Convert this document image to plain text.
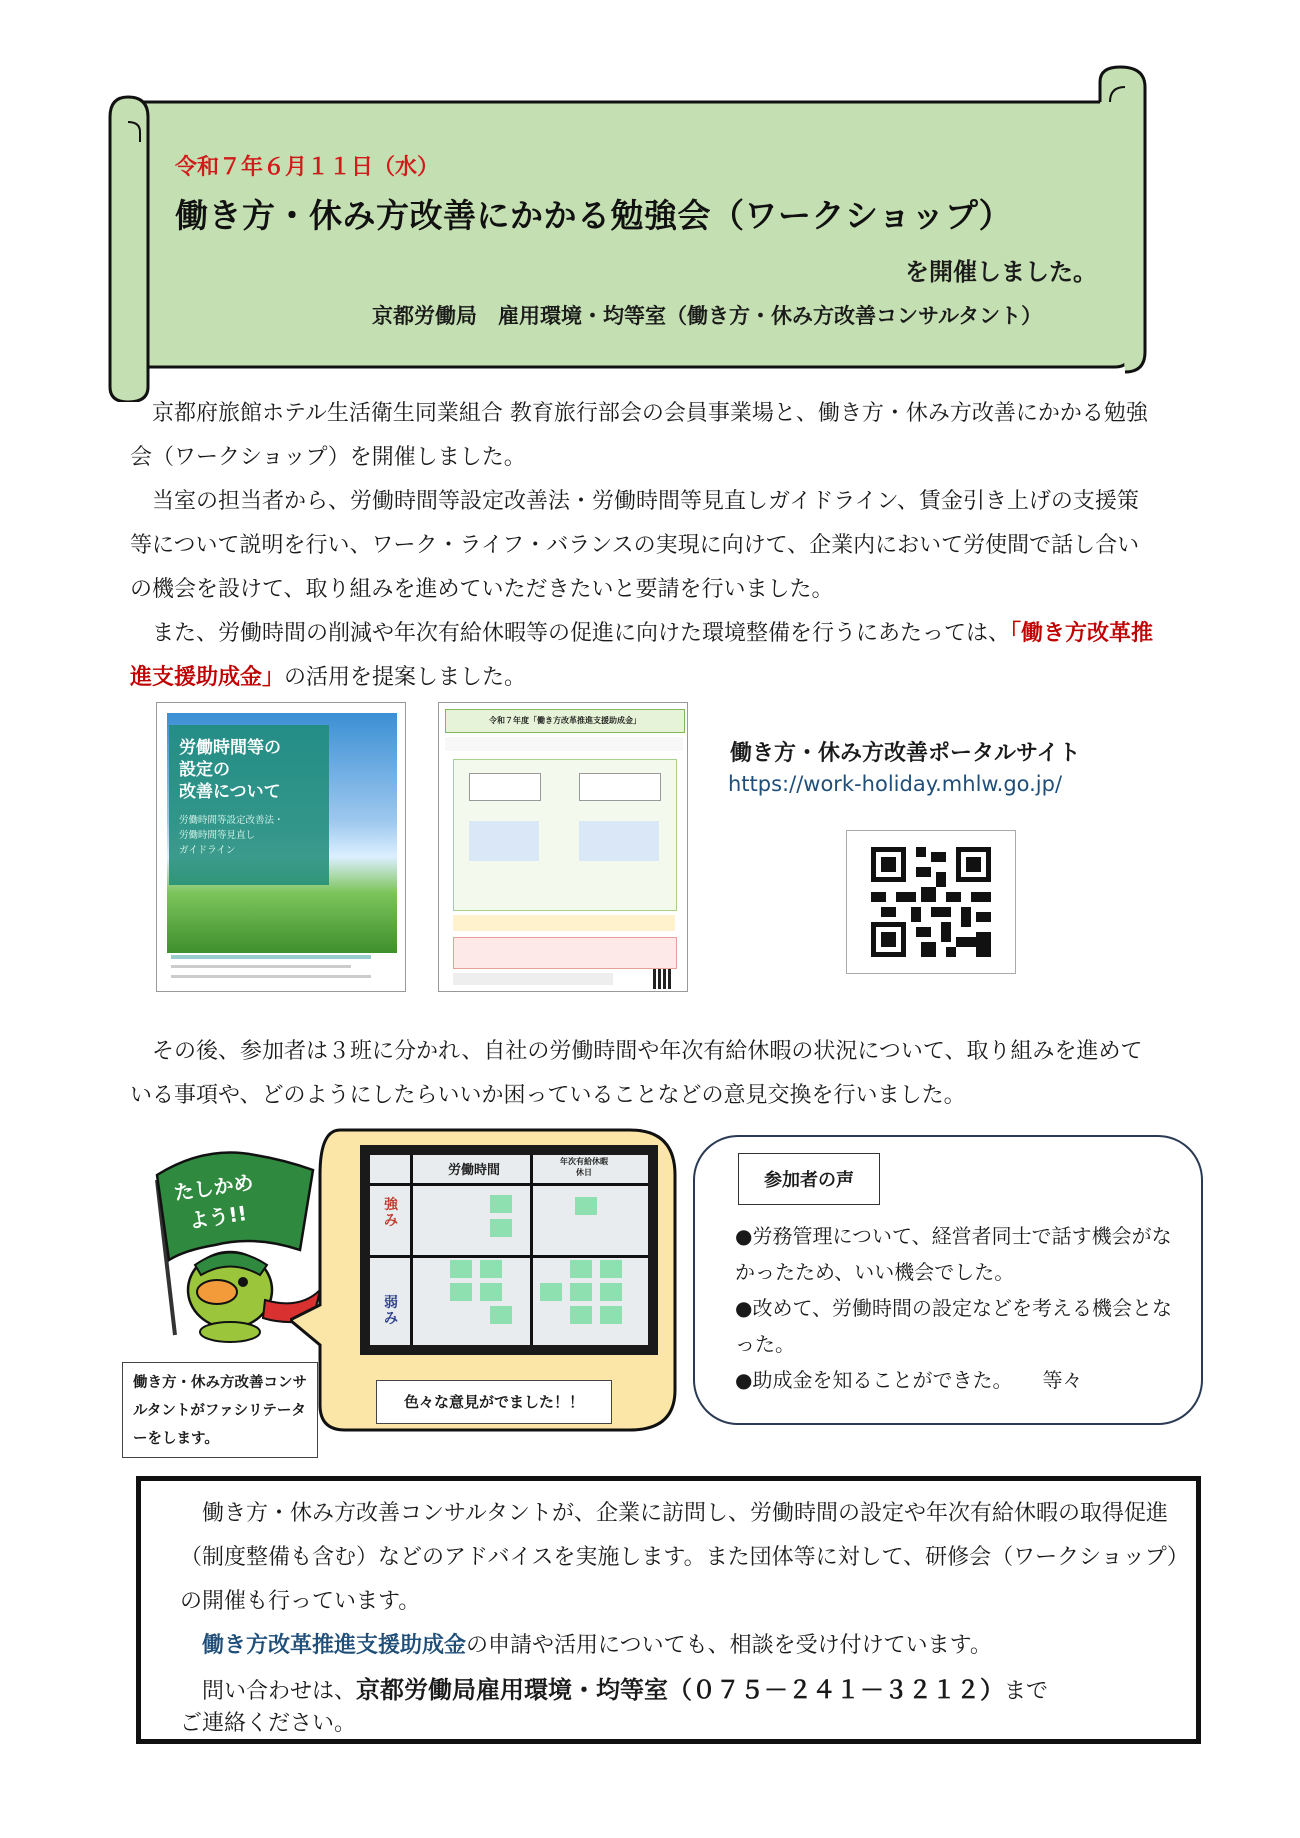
令和７年６月１１日（水）
働き方・休み方改善にかかる勉強会（ワークショップ）
を開催しました。
京都労働局　雇用環境・均等室（働き方・休み方改善コンサルタント）
　京都府旅館ホテル生活衛生同業組合 教育旅行部会の会員事業場と、働き方・休み方改善にかかる勉強会（ワークショップ）を開催しました。
　当室の担当者から、労働時間等設定改善法・労働時間等見直しガイドライン、賃金引き上げの支援策等について説明を行い、ワーク・ライフ・バランスの実現に向けて、企業内において労使間で話し合いの機会を設けて、取り組みを進めていただきたいと要請を行いました。
　また、労働時間の削減や年次有給休暇等の促進に向けた環境整備を行うにあたっては、「働き方改革推進支援助成金」の活用を提案しました。
労働時間等の
設定の
改善について
労働時間等設定改善法・
労働時間等見直し
ガイドライン
令和７年度「働き方改革推進支援助成金」
働き方・休み方改善ポータルサイト
https://work-holiday.mhlw.go.jp/
　その後、参加者は３班に分かれ、自社の労働時間や年次有給休暇の状況について、取り組みを進めている事項や、どのようにしたらいいか困っていることなどの意見交換を行いました。
たしかめ
よう!!
労働時間
年次有給休暇
休日
強み
弱み
色々な意見がでました！！
働き方・休み方改善コンサルタントがファシリテーターをします。
参加者の声
●労務管理について、経営者同士で話す機会がなかったため、いい機会でした。
●改めて、労働時間の設定などを考える機会となった。
●助成金を知ることができた。　　等々
　働き方・休み方改善コンサルタントが、企業に訪問し、労働時間の設定や年次有給休暇の取得促進（制度整備も含む）などのアドバイスを実施します。また団体等に対して、研修会（ワークショップ）の開催も行っています。
　働き方改革推進支援助成金の申請や活用についても、相談を受け付けています。
　問い合わせは、京都労働局雇用環境・均等室（０７５－２４１－３２１２）まで
ご連絡ください。
